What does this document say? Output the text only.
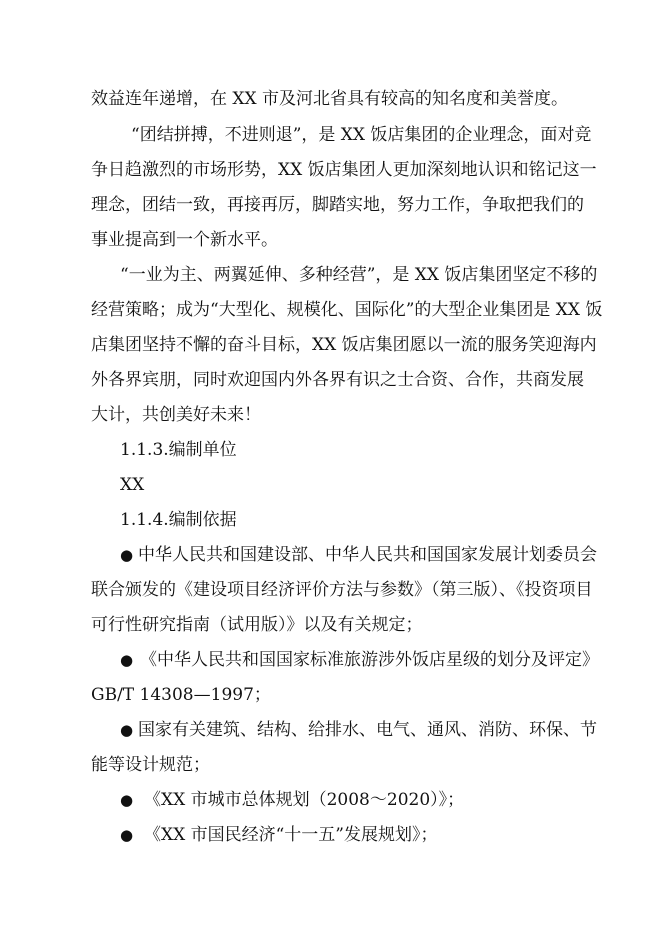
效益连年递增，在 XX 市及河北省具有较高的知名度和美誉度。
“团结拼搏，不进则退”，是 XX 饭店集团的企业理念，面对竞
争日趋激烈的市场形势，XX 饭店集团人更加深刻地认识和铭记这一
理念，团结一致，再接再厉，脚踏实地，努力工作，争取把我们的
事业提高到一个新水平。
“一业为主、两翼延伸、多种经营”，是 XX 饭店集团坚定不移的
经营策略；成为“大型化、规模化、国际化”的大型企业集团是 XX 饭
店集团坚持不懈的奋斗目标，XX 饭店集团愿以一流的服务笑迎海内
外各界宾朋，同时欢迎国内外各界有识之士合资、合作，共商发展
大计，共创美好未来！
1.1.3.编制单位
XX
1.1.4.编制依据
● 中华人民共和国建设部、中华人民共和国国家发展计划委员会
联合颁发的《建设项目经济评价方法与参数》（第三版）、《投资项目
可行性研究指南（试用版）》以及有关规定；
● 《中华人民共和国国家标准旅游涉外饭店星级的划分及评定》
GB/T 14308—1997；
● 国家有关建筑、结构、给排水、电气、通风、消防、环保、节
能等设计规范；
● 《XX 市城市总体规划（2008～2020）》；
● 《XX 市国民经济“十一五”发展规划》；
